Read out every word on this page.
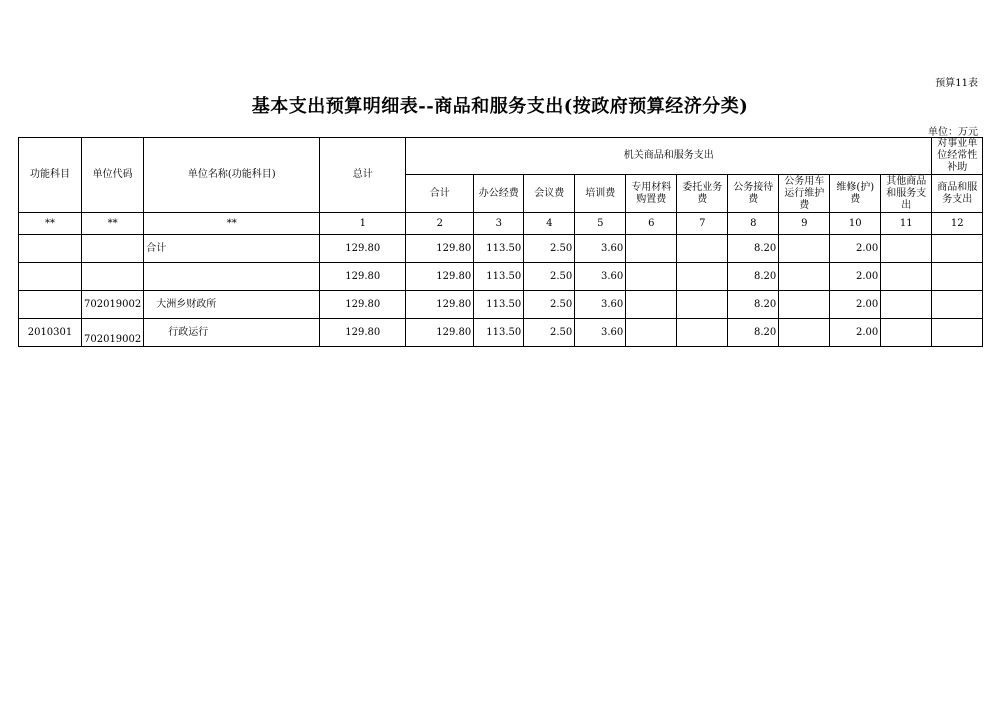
预算11表
基本支出预算明细表--商品和服务支出(按政府预算经济分类)
单位：万元
功能科目	单位代码	单位名称(功能科目)	总计	机关商品和服务支出										对事业单位经常性补助
				合计	办公经费	会议费	培训费	专用材料购置费	委托业务费	公务接待费	公务用车运行维护费	维修(护)费	其他商品和服务支出	商品和服务支出
**	**	**	1	2	3	4	5	6	7	8	9	10	11	12
		合计	129.80	129.80	113.50	2.50	3.60			8.20		2.00		
			129.80	129.80	113.50	2.50	3.60			8.20		2.00		
	702019002	大洲乡财政所	129.80	129.80	113.50	2.50	3.60			8.20		2.00		
2010301	702019002	行政运行	129.80	129.80	113.50	2.50	3.60			8.20		2.00		
